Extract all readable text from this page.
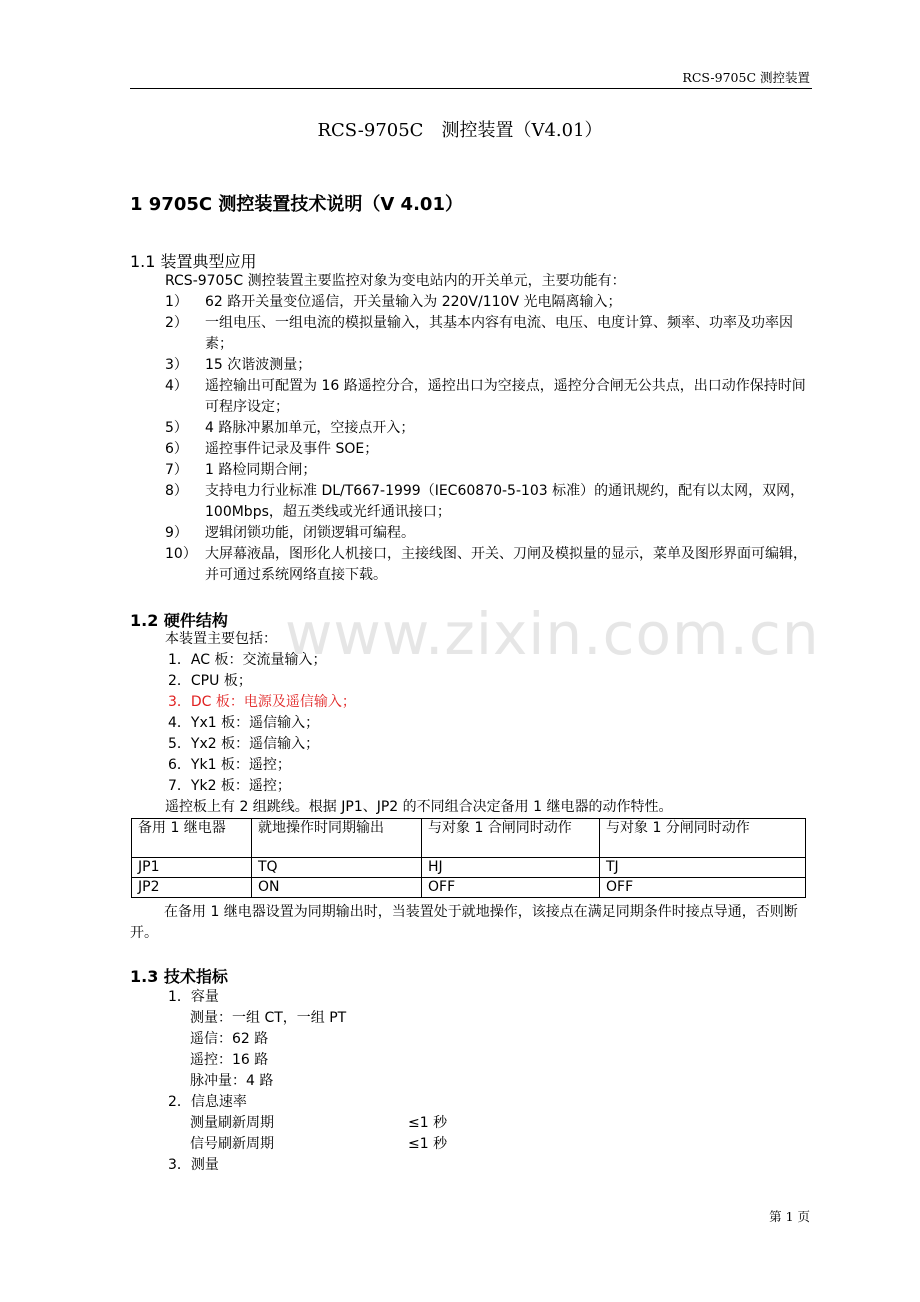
RCS-9705C 测控装置
RCS-9705C　测控装置（V4.01）
1 9705C 测控装置技术说明（V 4.01）
1.1 装置典型应用
RCS-9705C 测控装置主要监控对象为变电站内的开关单元，主要功能有：
1） 62 路开关量变位遥信，开关量输入为 220V/110V 光电隔离输入；
2） 一组电压、一组电流的模拟量输入，其基本内容有电流、电压、电度计算、频率、功率及功率因素；
3） 15 次谐波测量；
4） 遥控输出可配置为 16 路遥控分合，遥控出口为空接点，遥控分合闸无公共点，出口动作保持时间可程序设定；
5） 4 路脉冲累加单元，空接点开入；
6） 遥控事件记录及事件 SOE；
7） 1 路检同期合闸；
8） 支持电力行业标准 DL/T667-1999（IEC60870-5-103 标准）的通讯规约，配有以太网，双网，100Mbps，超五类线或光纤通讯接口；
9） 逻辑闭锁功能，闭锁逻辑可编程。
10） 大屏幕液晶，图形化人机接口，主接线图、开关、刀闸及模拟量的显示，菜单及图形界面可编辑，并可通过系统网络直接下载。
1.2 硬件结构
本装置主要包括：
1．AC 板：交流量输入；
2．CPU 板；
3．DC 板：电源及遥信输入；
4．Yx1 板：遥信输入；
5．Yx2 板：遥信输入；
6．Yk1 板：遥控；
7．Yk2 板：遥控；
遥控板上有 2 组跳线。根据 JP1、JP2 的不同组合决定备用 1 继电器的动作特性。
备用 1 继电器	就地操作时同期输出	与对象 1 合闸同时动作	与对象 1 分闸同时动作
JP1	TQ	HJ	TJ
JP2	ON	OFF	OFF
在备用 1 继电器设置为同期输出时，当装置处于就地操作，该接点在满足同期条件时接点导通，否则断开。
1.3 技术指标
1．容量
测量：一组 CT，一组 PT
遥信：62 路
遥控：16 路
脉冲量：4 路
2．信息速率
测量刷新周期	≤1 秒
信号刷新周期	≤1 秒
3．测量
www.zixin.com.cn
第 1 页
